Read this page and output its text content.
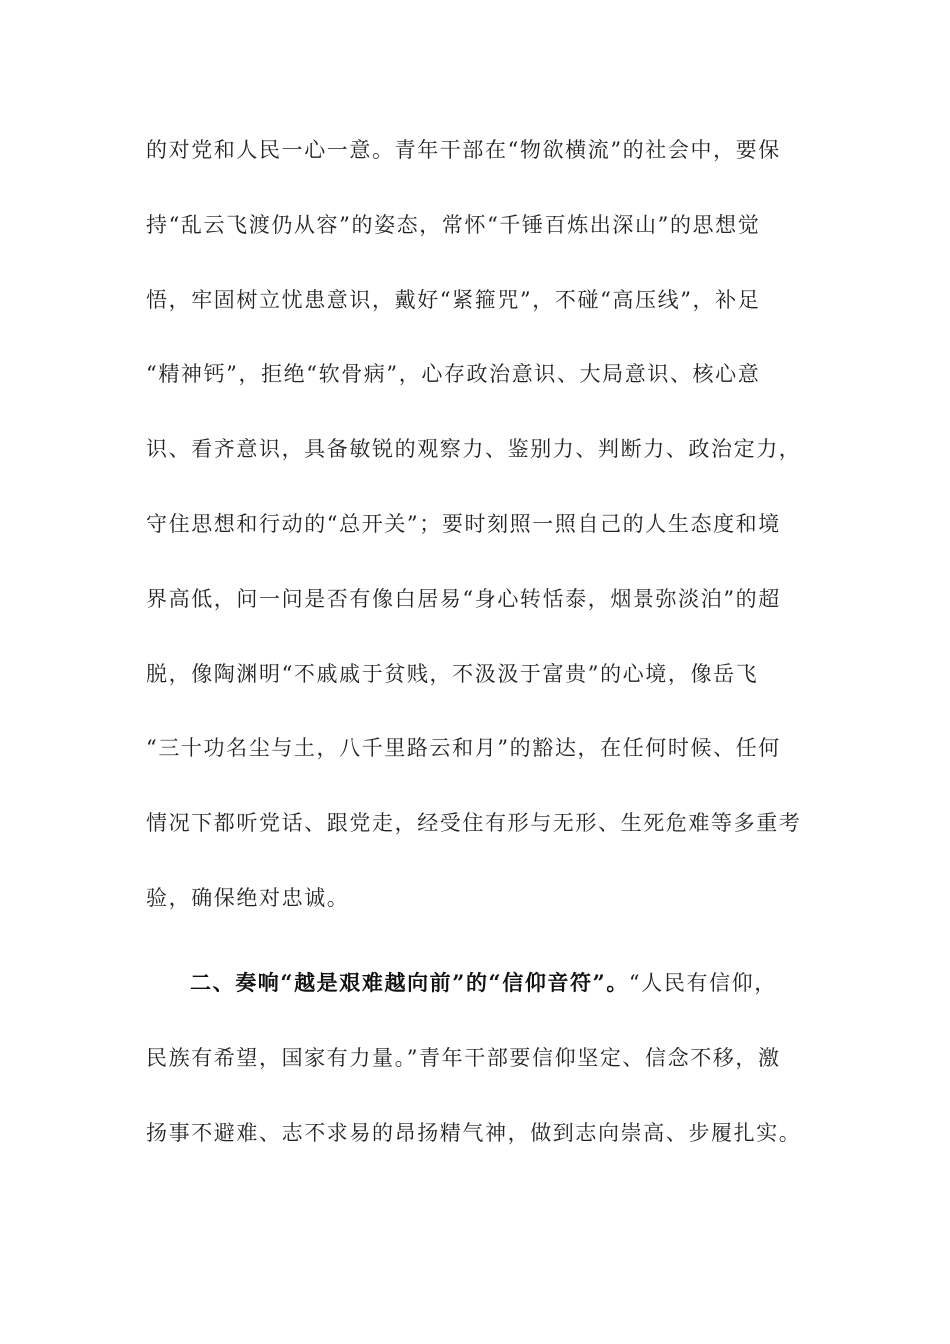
的对党和人民一心一意。青年干部在“物欲横流”的社会中，要保
持“乱云飞渡仍从容”的姿态，常怀“千锤百炼出深山”的思想觉
悟，牢固树立忧患意识，戴好“紧箍咒”，不碰“高压线”，补足
“精神钙”，拒绝“软骨病”，心存政治意识、大局意识、核心意
识、看齐意识，具备敏锐的观察力、鉴别力、判断力、政治定力，
守住思想和行动的“总开关”；要时刻照一照自己的人生态度和境
界高低，问一问是否有像白居易“身心转恬泰，烟景弥淡泊”的超
脱，像陶渊明“不戚戚于贫贱，不汲汲于富贵”的心境，像岳飞
“三十功名尘与土，八千里路云和月”的豁达，在任何时候、任何
情况下都听党话、跟党走，经受住有形与无形、生死危难等多重考
验，确保绝对忠诚。
二、奏响“越是艰难越向前”的“信仰音符”。“人民有信仰，
民族有希望，国家有力量。”青年干部要信仰坚定、信念不移，激
扬事不避难、志不求易的昂扬精气神，做到志向崇高、步履扎实。
